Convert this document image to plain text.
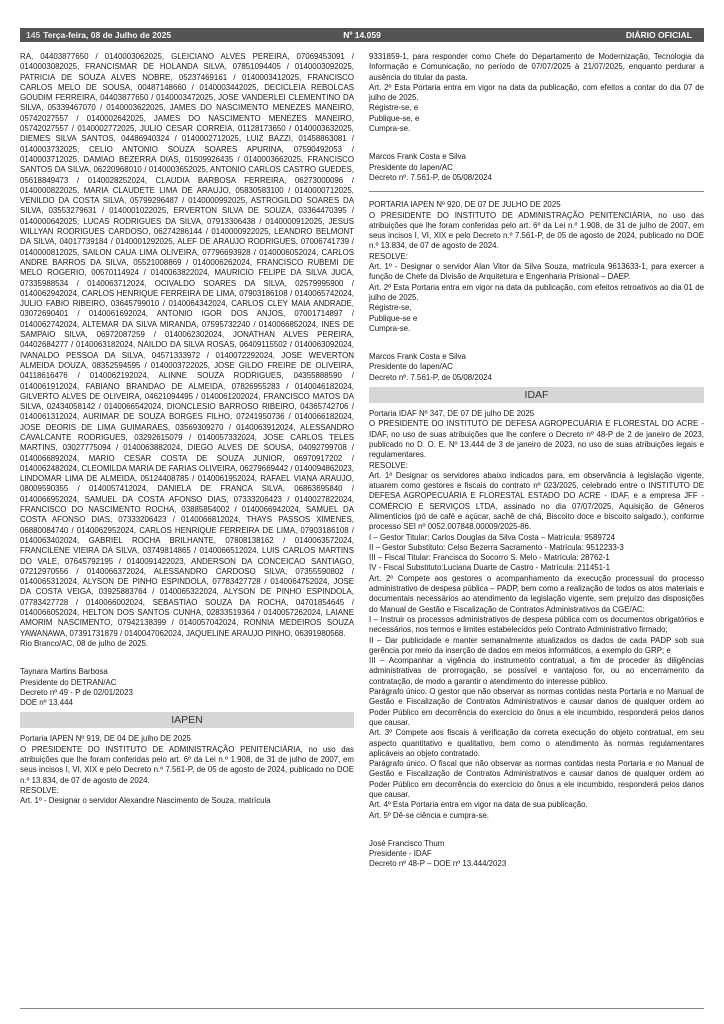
145 Terça-feira, 08 de Julho de 2025	Nº 14.059	DIÁRIO OFICIAL

RA, 04403877650 / 0140003062025, GLEICIANO ALVES PEREIRA, 07069453091 / 0140003082025, FRANCISMAR DE HOLANDA SILVA, 07851094405 / 0140003092025, PATRICIA DE SOUZA ALVES NOBRE, 05237469161 / 0140003412025, FRANCISCO CARLOS MELO DE SOUSA, 00487148660 / 0140003442025, DECICLEIA REBOLCAS GOUDIM FERREIRA, 04403877650 / 0140003472025, JOSE VANDERLEI CLEMENTINO DA SILVA, 05339467070 / 0140003622025, JAMES DO NASCIMENTO MENEZES MANEIRO, 05742027557 / 0140002642025, JAMES DO NASCIMENTO MENEZES MANEIRO, 05742027557 / 0140002772025, JULIO CESAR CORREIA, 01128173650 / 0140003632025, DIEMES SILVA SANTOS, 04486940324 / 0140002712025, LUIZ BAZZI, 01458863081 / 0140003732025, CELIO ANTONIO SOUZA SOARES APURINA, 07590492053 / 0140003712025, DAMIAO BEZERRA DIAS, 01509926435 / 0140003662025, FRANCISCO SANTOS DA SILVA, 06220968010 / 0140003652025, ANTONIO CARLOS CASTRO GUEDES, 05618849473 / 0140028252024, CLAUDIA BARBOSA FERREIRA, 06273000096 / 0140000822025, MARIA CLAUDETE LIMA DE ARAUJO, 05830583100 / 0140000712025, VENILDO DA COSTA SILVA, 05799296487 / 0140000992025, ASTROGILDO SOARES DA SILVA, 03553279631 / 0140001022025, ERVERTON SILVA DE SOUZA, 03364470395 / 0140000642025, LUCAS RODRIGUES DA SILVA, 07913306438 / 0140000912025, JESUS WILLYAN RODRIGUES CARDOSO, 06274286144 / 0140000922025, LEANDRO BELMONT DA SILVA, 04017739184 / 0140001292025, ALEF DE ARAUJO RODRIGUES, 07006741739 / 0140000812025, SAILON CAUA LIMA OLIVEIRA, 07796693928 / 0140006052024, CARLOS ANDRE BARROS DA SILVA, 05521008869 / 0140006262024, FRANCISCO RUBEMI DE MELO ROGERIO, 00570114924 / 0140063822024, MAURICIO FELIPE DA SILVA JUCA, 07335988534 / 0140063712024, OCIVALDO SOARES DA SILVA, 02579995900 / 0140062942024, CARLOS HENRIQUE FERREIRA DE LIMA, 07903186108 / 0140065742024, JULIO FABIO RIBEIRO, 03645799010 / 0140064342024, CARLOS CLEY MAIA ANDRADE, 03072690401 / 0140061692024, ANTONIO IGOR DOS ANJOS, 07001714897 / 0140062742024, ALTEMAR DA SILVA MIRANDA, 07595732240 / 0140066852024, INES DE SAMPAIO SILVA, 06972087259 / 0140062302024, JONATHAN ALVES PEREIRA, 04402684277 / 0140063182024, NAILDO DA SILVA ROSAS, 06409115502 / 0140063092024, IVANALDO PESSOA DA SILVA, 04571333972 / 0140072292024, JOSE WEVERTON ALMEIDA DOUZA, 08352594595 / 0140003722025, JOSE GILDO FREIRE DE OLIVEIRA, 04118616476 / 0140062192024, ALINNE SOUZA RODRIGUES, 04355888590 / 0140061912024, FABIANO BRANDAO DE ALMEIDA, 07826955283 / 0140046182024, GILVERTO ALVES DE OLIVEIRA, 04621094495 / 0140061202024, FRANCISCO MATOS DA SILVA, 02434058142 / 0140066542024, DIONCLESIO BARROSO RIBEIRO, 04365742706 / 0140061312024, AURIMAR DE SOUZA BORGES FILHO, 07241950736 / 0140066182024, JOSE DEORIS DE LIMA GUIMARAES, 03569309270 / 0140063912024, ALESSANDRO CAVALCANTE RODRIGUES, 03292615079 / 0140057332024, JOSE CARLOS TELES MARTINS, 03027775094 / 0140063882024, DIEGO ALVES DE SOUSA, 04092799708 / 0140066892024, MARIO CESAR COSTA DE SOUZA JUNIOR, 06970917202 / 0140062482024, CLEOMILDA MARIA DE FARIAS OLIVEIRA, 06279669442 / 0140094862023, LINDOMAR LIMA DE ALMEIDA, 05124408785 / 0140061952024, RAFAEL VIANA ARAUJO, 08009590355 / 0140057412024, DANIELA DE FRANCA SILVA, 06863695840 / 0140066952024, SAMUEL DA COSTA AFONSO DIAS, 07333206423 / 0140027822024, FRANCISCO DO NASCIMENTO ROCHA, 03885854002 / 0140066942024, SAMUEL DA COSTA AFONSO DIAS, 07333206423 / 0140066812024, THAYS PASSOS XIMENES, 06880084740 / 0140062952024, CARLOS HENRIQUE FERREIRA DE LIMA, 07903186108 / 0140063402024, GABRIEL ROCHA BRILHANTE, 07808138162 / 0140063572024, FRANCILENE VIEIRA DA SILVA, 03749814865 / 0140066512024, LUIS CARLOS MARTINS DO VALE, 07645792195 / 0140091422023, ANDERSON DA CONCEICAO SANTIAGO, 07212970556 / 0140066372024, ALESSANDRO CARDOSO SILVA, 07355590802 / 0140065312024, ALYSON DE PINHO ESPINDOLA, 07783427728 / 0140064752024, JOSE DA COSTA VEIGA, 03925883764 / 0140065322024, ALYSON DE PINHO ESPINDOLA, 07783427728 / 0140066002024, SEBASTIAO SOUZA DA ROCHA, 04701854645 / 0140066052024, HELTON DOS SANTOS CUNHA, 02833519364 / 0140057262024, LAIANE AMORIM NASCIMENTO, 07942138399 / 0140057042024, RONNIA MEDEIROS SOUZA YAWANAWA, 07391731879 / 0140047062024, JAQUELINE ARAUJO PINHO, 06391980568.

Rio Branco/AC, 08 de julho de 2025.

Taynara Martins Barbosa

Presidente do DETRAN/AC

Decreto nº 49 - P de 02/01/2023

DOE nº 13.444

IAPEN

Portaria IAPEN Nº 919, DE 04 DE julho DE 2025

O PRESIDENTE DO INSTITUTO DE ADMINISTRAÇÃO PENITENCIÁRIA, no uso das atribuições que lhe foram conferidas pelo art. 6º da Lei n.º 1.908, de 31 de julho de 2007, em seus incisos I, VI, XIX e pelo Decreto n.º 7.561-P, de 05 de agosto de 2024, publicado no DOE n.º 13.834, de 07 de agosto de 2024.

RESOLVE:

Art. 1º - Designar o servidor Alexandre Nascimento de Souza, matrícula

9331859-1, para responder como Chefe do Departamento de Modernização, Tecnologia da Informação e Comunicação, no período de 07/07/2025 à 21/07/2025, enquanto perdurar a ausência do titular da pasta.

Art. 2º Esta Portaria entra em vigor na data da publicação, com efeitos a contar do dia 07 de julho de 2025.

Registre-se, e

Publique-se, e

Cumpra-se.

Marcos Frank Costa e Silva

Presidente do Iapen/AC

Decreto nº. 7.561-P, de 05/08/2024

PORTARIA IAPEN Nº 920, DE 07 DE JULHO DE 2025

O PRESIDENTE DO INSTITUTO DE ADMINISTRAÇÃO PENITENCIÁRIA, no uso das atribuições que lhe foram conferidas pelo art. 6º da Lei n.º 1.908, de 31 de julho de 2007, em seus incisos I, VI, XIX e pelo Decreto n.º 7.561-P, de 05 de agosto de 2024, publicado no DOE n.º 13.834, de 07 de agosto de 2024.

RESOLVE:

Art. 1º - Designar o servidor Alan Vitor da Silva Souza, matrícula 9613633-1, para exercer a função de Chefe da Divisão de Arquitetura e Engenharia Prisional – DAEP.

Art. 2º Esta Portaria entra em vigor na data da publicação, com efeitos retroativos ao dia 01 de julho de 2025.

Registre-se,

Publique-se e

Cumpra-se.

Marcos Frank Costa e Silva

Presidente do Iapen/AC

Decreto nº. 7.561-P, de 05/08/2024

IDAF

Portaria IDAF Nº 347, DE 07 DE julho DE 2025

O PRESIDENTE DO INSTITUTO DE DEFESA AGROPECUÁRIA E FLORESTAL DO ACRE - IDAF, no uso de suas atribuições que lhe confere o Decreto nº 48-P de 2 de janeiro de 2023, publicado no D. O. E. Nº 13.444 de 3 de janeiro de 2023, no uso de suas atribuições legais e regulamentares.

RESOLVE:

Art. 1º Designar os servidores abaixo indicados para, em observância à legislação vigente, atuarem como gestores e fiscais do contrato nº 023/2025, celebrado entre o INSTITUTO DE DEFESA AGROPECUÁRIA E FLORESTAL ESTADO DO ACRE - IDAF, e a empresa JFF - COMÉRCIO E SERVIÇOS LTDA, assinado no dia 07/07/2025, Aquisição de Gêneros Alimentícios (pó de café e açúcar, sachê de chá, Biscoito doce e biscoito salgado.), conforme processo SEI nº 0052.007848.00009/2025-86.

I – Gestor Titular: Carlos Douglas da Silva Costa – Matrícula: 9589724

II – Gestor Substituto: Celso Bezerra Sacramento - Matrícula: 9512233-3

III – Fiscal Titular: Francisca do Socorro S. Melo - Matrícula: 28762-1

IV - Fiscal Substituto:Luciana Duarte de Castro - Matrícula: 211451-1

Art. 2º Compete aos gestores o acompanhamento da execução processual do processo administrativo de despesa pública – PADP, bem como a realização de todos os atos materiais e documentais necessários ao atendimento da legislação vigente, sem prejuízo das disposições do Manual de Gestão e Fiscalização de Contratos Administrativos da CGE/AC:

I – Instruir os processos administrativos de despesa pública com os documentos obrigatórios e necessários, nos termos e limites estabelecidos pelo Contrato Administrativo firmado;

II – Dar publicidade e manter semanalmente atualizados os dados de cada PADP sob sua gerência por meio da inserção de dados em meios informáticos, a exemplo do GRP; e

III – Acompanhar a vigência do instrumento contratual, a fim de proceder às diligências administrativas de prorrogação, se possível e vantajoso for, ou ao encerramento da contratação, de modo a garantir o atendimento do interesse público.

Parágrafo único. O gestor que não observar as normas contidas nesta Portaria e no Manual de Gestão e Fiscalização de Contratos Administrativos e causar danos de qualquer ordem ao Poder Público em decorrência do exercício do ônus a ele incumbido, responderá pelos danos que causar.

Art. 3º Compete aos fiscais à verificação da correta execução do objeto contratual, em seu aspecto quantitativo e qualitativo, bem como o atendimento às normas regulamentares aplicáveis ao objeto contratado.

Parágrafo único. O fiscal que não observar as normas contidas nesta Portaria e no Manual de Gestão e Fiscalização de Contratos Administrativos e causar danos de qualquer ordem ao Poder Público em decorrência do exercício do ônus a ele incumbido, responderá pelos danos que causar.

Art. 4º Esta Portaria entra em vigor na data de sua publicação.

Art. 5º Dê-se ciência e cumpra-se.

José Francisco Thum

Presidente - IDAF

Decreto nº 48-P – DOE nº 13.444/2023
